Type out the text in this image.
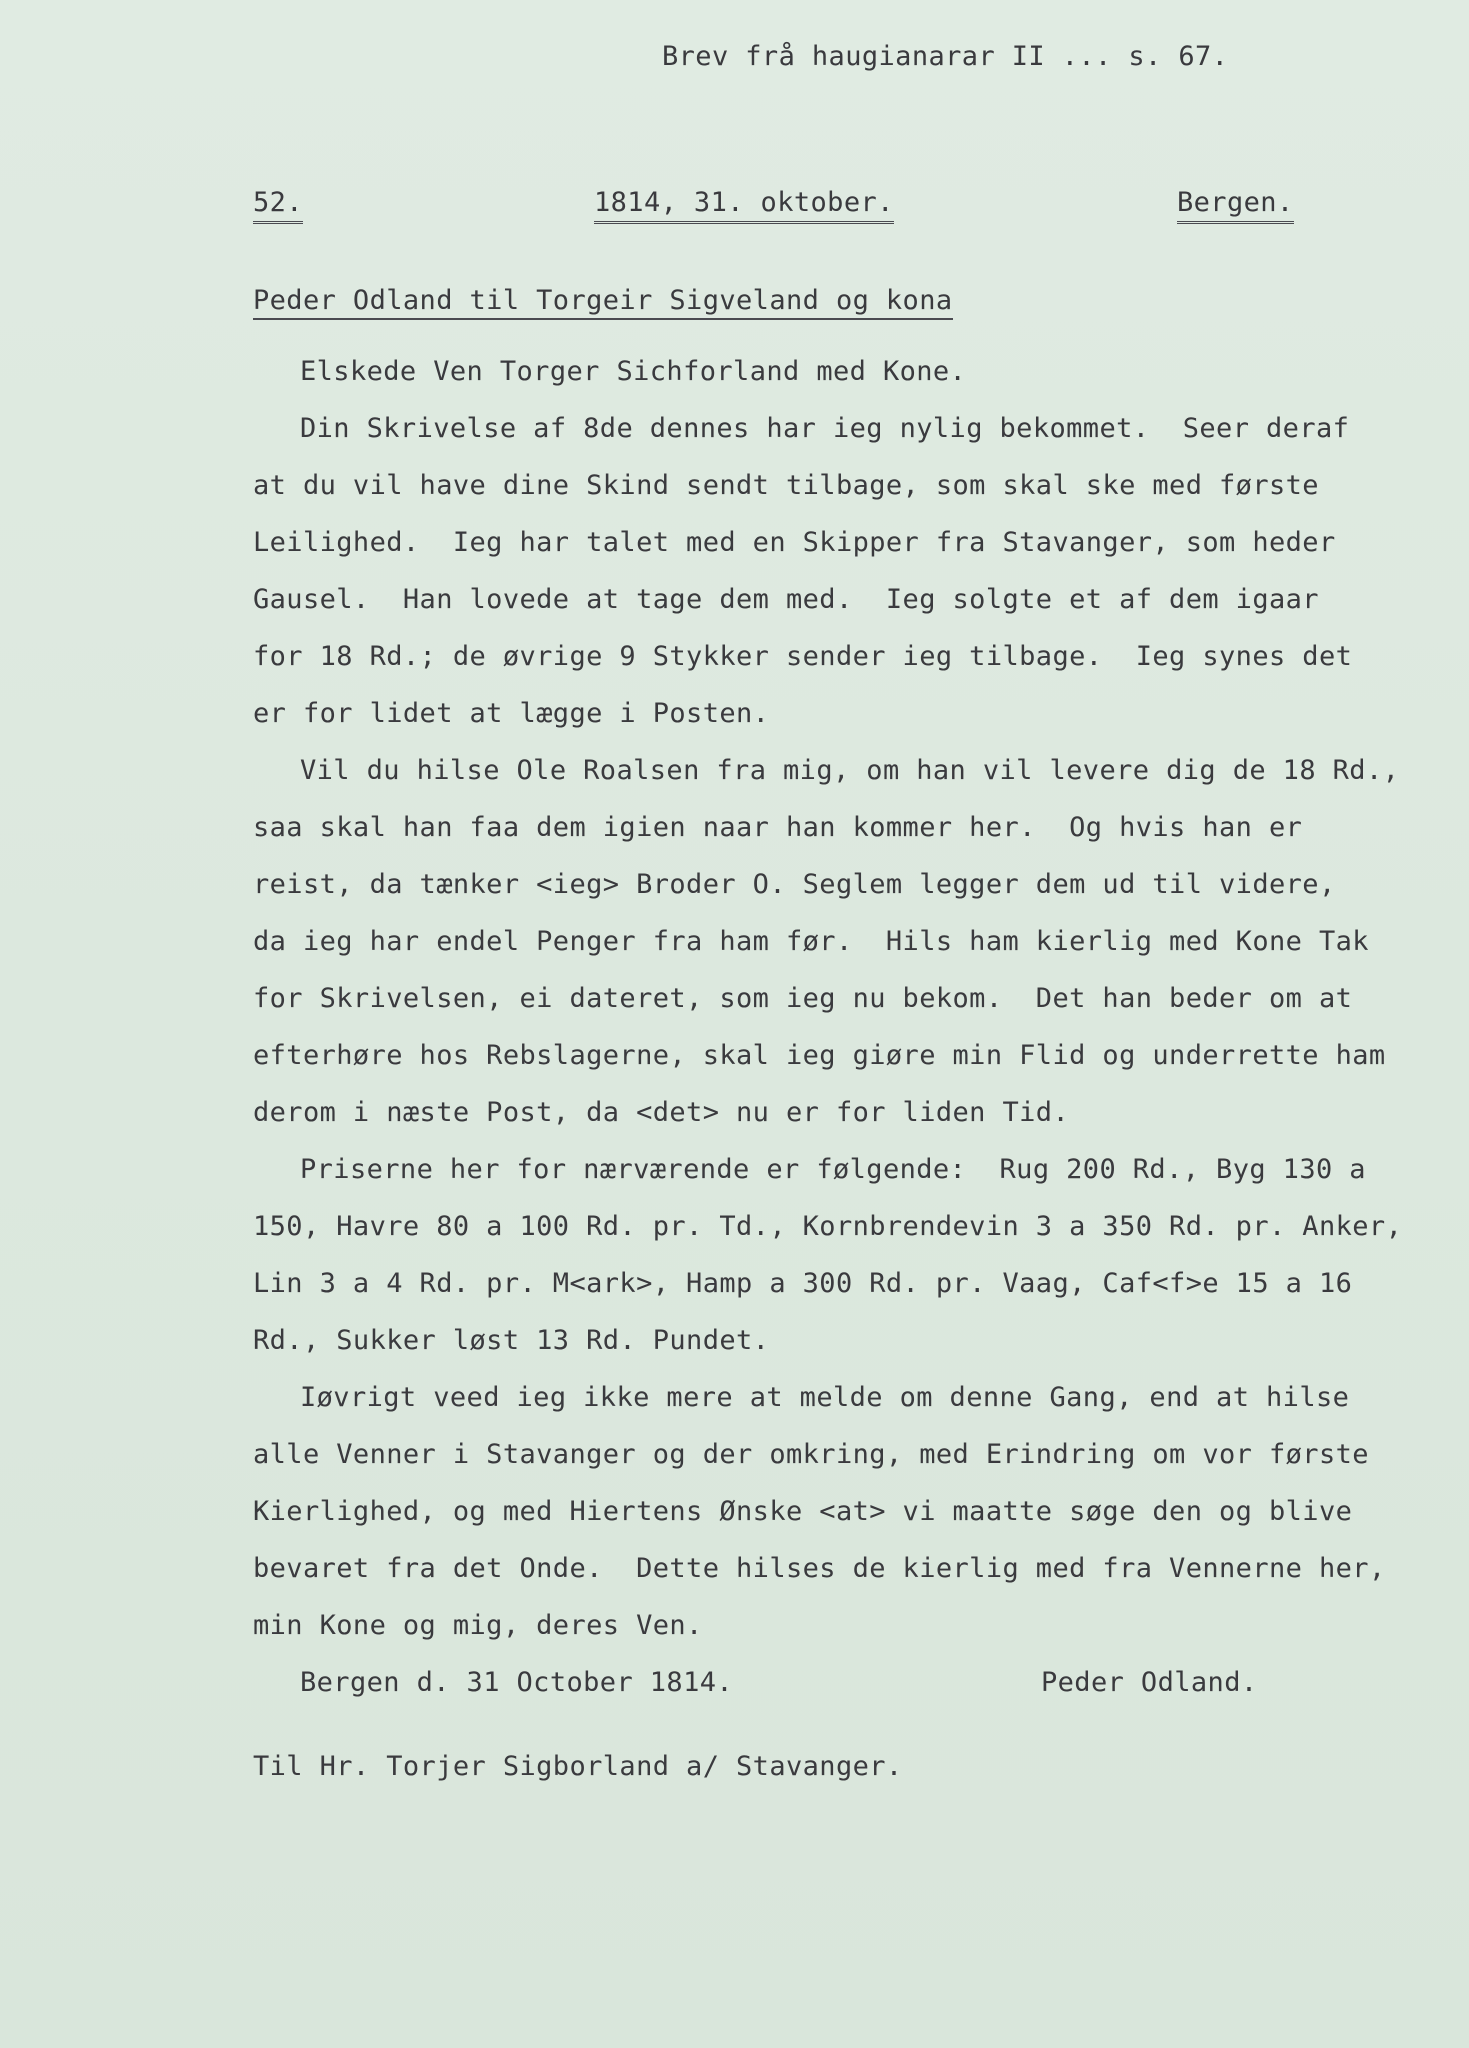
Brev frå haugianarar II ... s. 67.
52.	1814, 31. oktober.	Bergen.
Peder Odland til Torgeir Sigveland og kona
Elskede Ven Torger Sichforland med Kone.
Din Skrivelse af 8de dennes har ieg nylig bekommet.  Seer deraf
at du vil have dine Skind sendt tilbage, som skal ske med første
Leilighed.  Ieg har talet med en Skipper fra Stavanger, som heder
Gausel.  Han lovede at tage dem med.  Ieg solgte et af dem igaar
for 18 Rd.; de øvrige 9 Stykker sender ieg tilbage.  Ieg synes det
er for lidet at lægge i Posten.
Vil du hilse Ole Roalsen fra mig, om han vil levere dig de 18 Rd.,
saa skal han faa dem igien naar han kommer her.  Og hvis han er
reist, da tænker <ieg> Broder O. Seglem legger dem ud til videre,
da ieg har endel Penger fra ham før.  Hils ham kierlig med Kone Tak
for Skrivelsen, ei dateret, som ieg nu bekom.  Det han beder om at
efterhøre hos Rebslagerne, skal ieg giøre min Flid og underrette ham
derom i næste Post, da <det> nu er for liden Tid.
Priserne her for nærværende er følgende:  Rug 200 Rd., Byg 130 a
150, Havre 80 a 100 Rd. pr. Td., Kornbrendevin 3 a 350 Rd. pr. Anker,
Lin 3 a 4 Rd. pr. M<ark>, Hamp a 300 Rd. pr. Vaag, Caf<f>e 15 a 16
Rd., Sukker løst 13 Rd. Pundet.
Iøvrigt veed ieg ikke mere at melde om denne Gang, end at hilse
alle Venner i Stavanger og der omkring, med Erindring om vor første
Kierlighed, og med Hiertens Ønske <at> vi maatte søge den og blive
bevaret fra det Onde.  Dette hilses de kierlig med fra Vennerne her,
min Kone og mig, deres Ven.
Bergen d. 31 October 1814.	Peder Odland.
Til Hr. Torjer Sigborland a/ Stavanger.
